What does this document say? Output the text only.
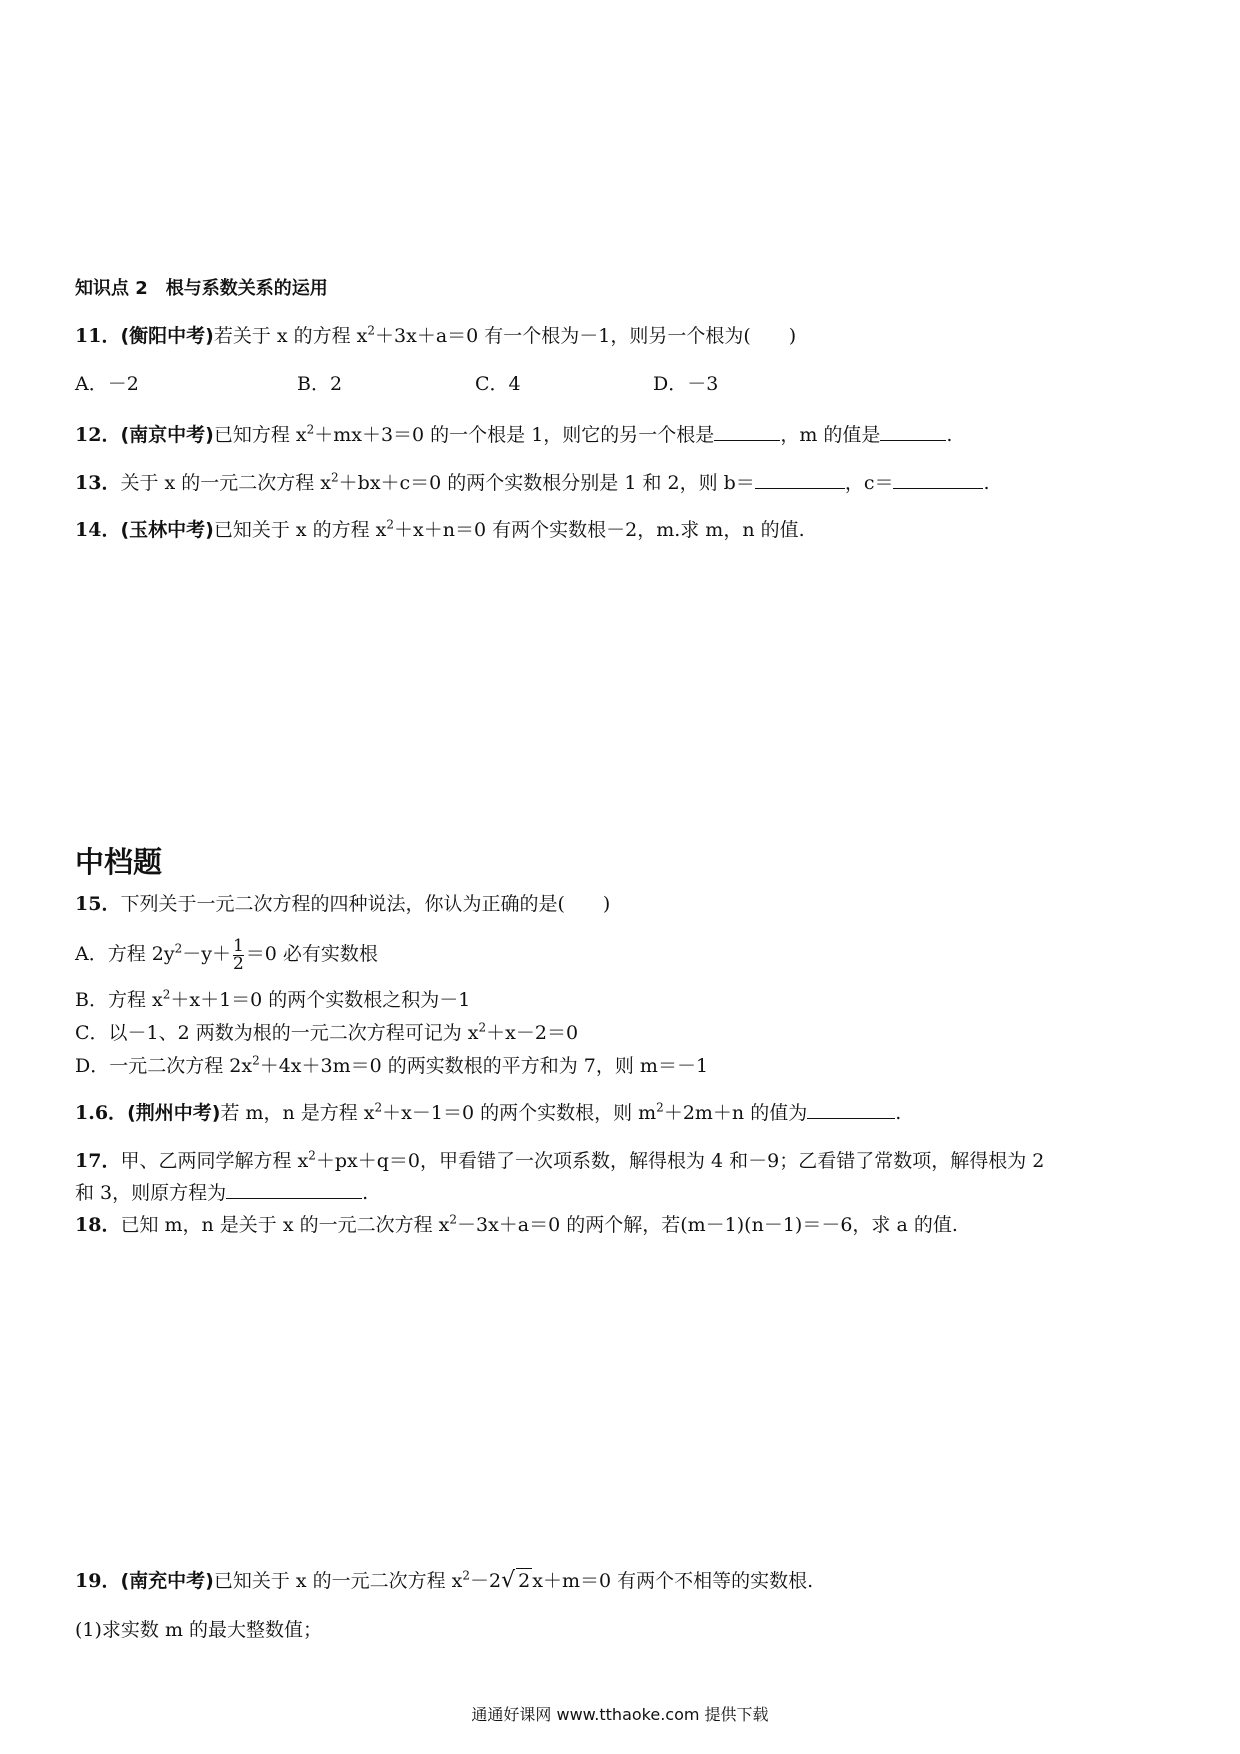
知识点 2　根与系数关系的运用
11．(衡阳中考)若关于 x 的方程 $x^2+3x+a=0$ 有一个根为－1，则另一个根为(　　)
A．－2	B．2	C．4	D．－3
12．(南京中考)已知方程 $x^2+mx+3=0$ 的一个根是 1，则它的另一个根是	，m 的值是	.
13．关于 x 的一元二次方程 $x^2+bx+c=0$ 的两个实数根分别是 1 和 2，则 b＝	，c＝	.
14．(玉林中考)已知关于 x 的方程 $x^2+x+n=0$ 有两个实数根－2，m.求 m，n 的值.
中档题
15．下列关于一元二次方程的四种说法，你认为正确的是(　　)
A．方程 $2y^2-y+ \frac{1}{2} =0$ 必有实数根
B．方程 $x^2+x+1=0$ 的两个实数根之积为－1
C．以－1、2 两数为根的一元二次方程可记为 $x^2+x-2=0$
D．一元二次方程 $2x^2+4x+3m=0$ 的两实数根的平方和为 7，则 m＝－1
1.6．(荆州中考)若 m，n 是方程 $x^2+x-1=0$ 的两个实数根，则 $m^2+2m+n$ 的值为	.
17．甲、乙两同学解方程 $x^2+px+q=0$，甲看错了一次项系数，解得根为 4 和－9；乙看错了常数项，解得根为 2
和 3，则原方程为	.
18．已知 m，n 是关于 x 的一元二次方程 $x^2-3x+a=0$ 的两个解，若(m－1)(n－1)＝－6，求 a 的值.
19．(南充中考)已知关于 x 的一元二次方程 $x^2-2√$ 2 x＋m＝0 有两个不相等的实数根.
(1)求实数 m 的最大整数值；
通通好课网 www.tthaoke.com 提供下载
